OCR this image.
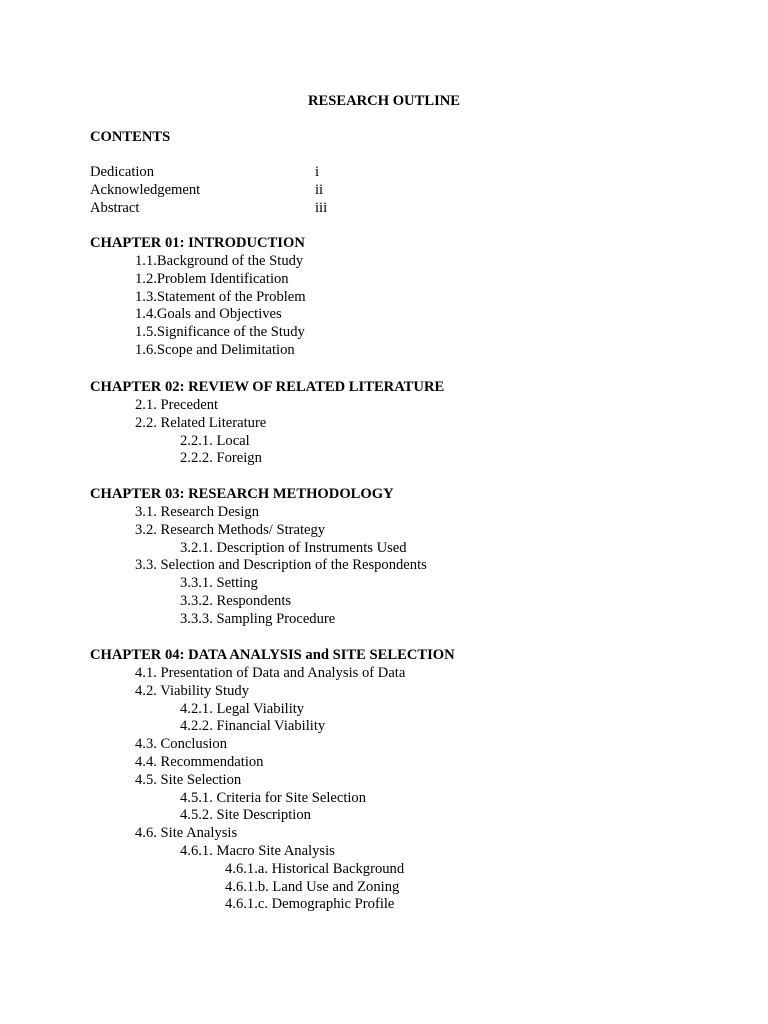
RESEARCH OUTLINE
CONTENTS
Dedication	i
Acknowledgement	ii
Abstract	iii
CHAPTER 01: INTRODUCTION
1.1.Background of the Study
1.2.Problem Identification
1.3.Statement of the Problem
1.4.Goals and Objectives
1.5.Significance of the Study
1.6.Scope and Delimitation
CHAPTER 02: REVIEW OF RELATED LITERATURE
2.1. Precedent
2.2. Related Literature
2.2.1. Local
2.2.2. Foreign
CHAPTER 03: RESEARCH METHODOLOGY
3.1. Research Design
3.2. Research Methods/ Strategy
3.2.1. Description of Instruments Used
3.3. Selection and Description of the Respondents
3.3.1. Setting
3.3.2. Respondents
3.3.3. Sampling Procedure
CHAPTER 04: DATA ANALYSIS and SITE SELECTION
4.1. Presentation of Data and Analysis of Data
4.2. Viability Study
4.2.1. Legal Viability
4.2.2. Financial Viability
4.3. Conclusion
4.4. Recommendation
4.5. Site Selection
4.5.1. Criteria for Site Selection
4.5.2. Site Description
4.6. Site Analysis
4.6.1. Macro Site Analysis
4.6.1.a. Historical Background
4.6.1.b. Land Use and Zoning
4.6.1.c. Demographic Profile
